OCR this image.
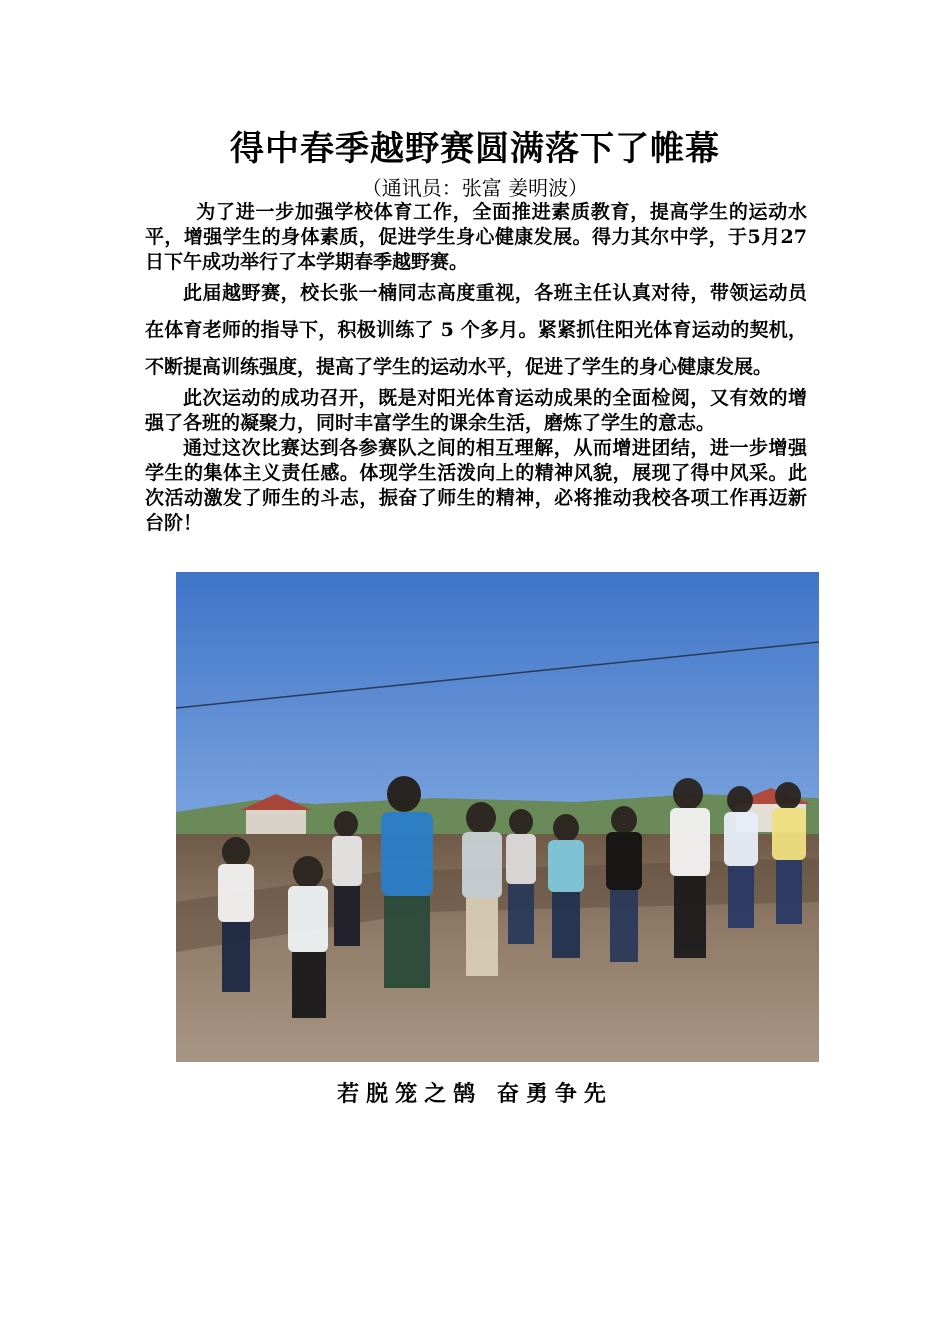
得中春季越野赛圆满落下了帷幕
（通讯员：张富 姜明波）

为了进一步加强学校体育工作，全面推进素质教育，提高学生的运动水平，增强学生的身体素质，促进学生身心健康发展。得力其尔中学，于5月27日下午成功举行了本学期春季越野赛。

此届越野赛，校长张一楠同志高度重视，各班主任认真对待，带领运动员在体育老师的指导下，积极训练了 5 个多月。紧紧抓住阳光体育运动的契机，不断提高训练强度，提高了学生的运动水平，促进了学生的身心健康发展。

此次运动的成功召开，既是对阳光体育运动成果的全面检阅，又有效的增强了各班的凝聚力，同时丰富学生的课余生活，磨炼了学生的意志。

通过这次比赛达到各参赛队之间的相互理解，从而增进团结，进一步增强学生的集体主义责任感。体现学生活泼向上的精神风貌，展现了得中风采。此次活动激发了师生的斗志，振奋了师生的精神，必将推动我校各项工作再迈新台阶！

若脱笼之鹄 奋勇争先
